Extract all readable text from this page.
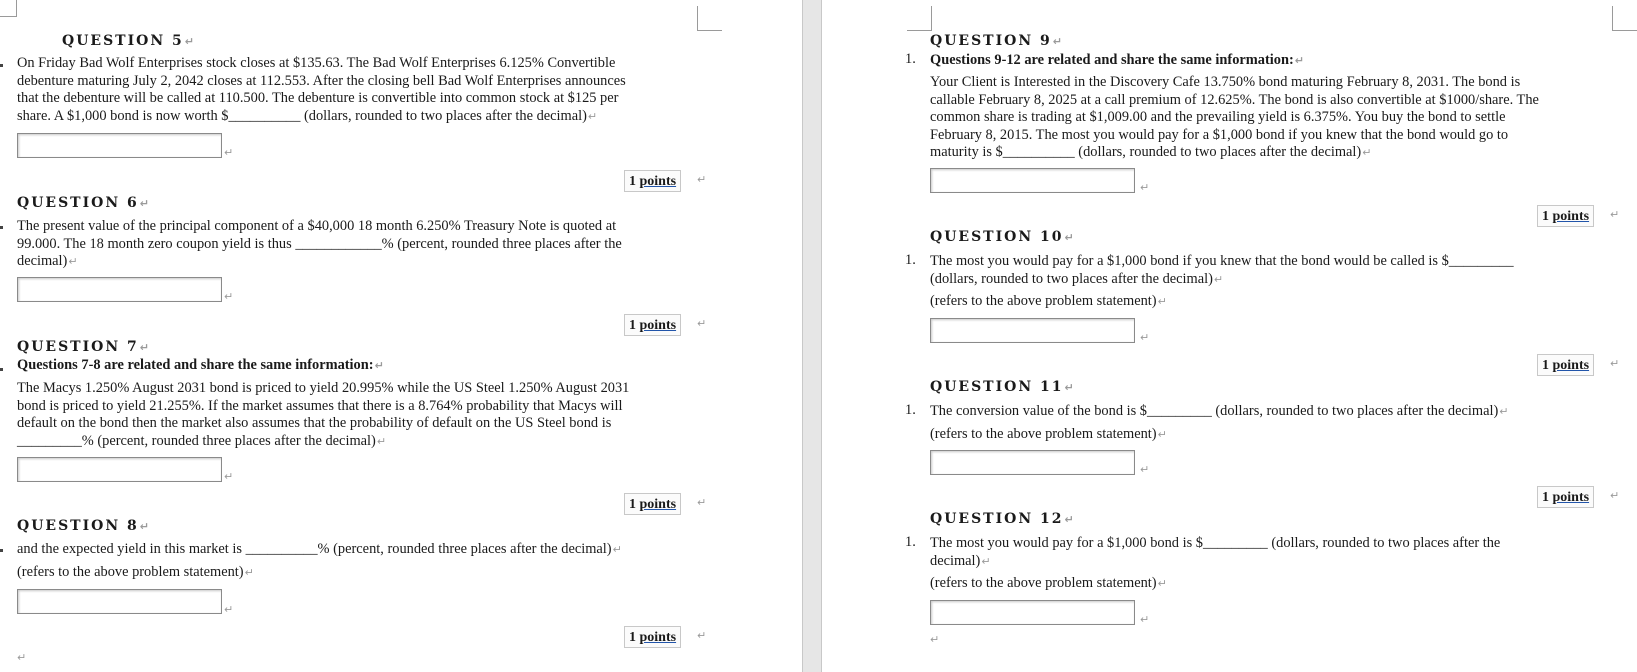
QUESTION 5↵
On Friday Bad Wolf Enterprises stock closes at $135.63. The Bad Wolf Enterprises 6.125% Convertible
debenture maturing July 2, 2042 closes at 112.553. After the closing bell Bad Wolf Enterprises announces
that the debenture will be called at 110.500. The debenture is convertible into common stock at $125 per
share. A $1,000 bond is now worth $__________ (dollars, rounded to two places after the decimal)↵
↵
1 points	↵
QUESTION 6↵
The present value of the principal component of a $40,000 18 month 6.250% Treasury Note is quoted at
99.000. The 18 month zero coupon yield is thus ____________% (percent, rounded three places after the
decimal)↵
↵
1 points	↵
QUESTION 7↵
Questions 7-8 are related and share the same information:↵
The Macys 1.250% August 2031 bond is priced to yield 20.995% while the US Steel 1.250% August 2031
bond is priced to yield 21.255%. If the market assumes that there is a 8.764% probability that Macys will
default on the bond then the market also assumes that the probability of default on the US Steel bond is
_________% (percent, rounded three places after the decimal)↵
↵
1 points	↵
QUESTION 8↵
and the expected yield in this market is __________% (percent, rounded three places after the decimal)↵
(refers to the above problem statement)↵
↵
1 points	↵
↵
QUESTION 9↵
1. Questions 9-12 are related and share the same information:↵
Your Client is Interested in the Discovery Cafe 13.750% bond maturing February 8, 2031. The bond is
callable February 8, 2025 at a call premium of 12.625%. The bond is also convertible at $1000/share. The
common share is trading at $1,009.00 and the prevailing yield is 6.375%. You buy the bond to settle
February 8, 2015. The most you would pay for a $1,000 bond if you knew that the bond would go to
maturity is $__________ (dollars, rounded to two places after the decimal)↵
↵
1 points	↵
QUESTION 10↵
1. The most you would pay for a $1,000 bond if you knew that the bond would be called is $_________
(dollars, rounded to two places after the decimal)↵
(refers to the above problem statement)↵
↵
1 points	↵
QUESTION 11↵
1. The conversion value of the bond is $_________ (dollars, rounded to two places after the decimal)↵
(refers to the above problem statement)↵
↵
1 points	↵
QUESTION 12↵
1. The most you would pay for a $1,000 bond is $_________ (dollars, rounded to two places after the
decimal)↵
(refers to the above problem statement)↵
↵
↵
